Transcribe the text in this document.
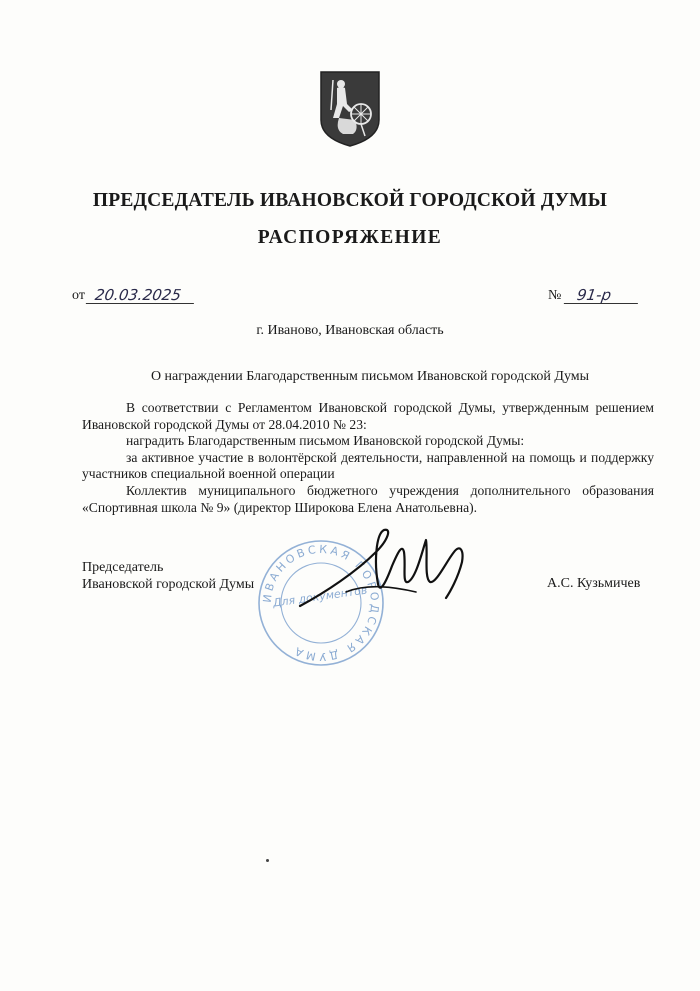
ПРЕДСЕДАТЕЛЬ ИВАНОВСКОЙ ГОРОДСКОЙ ДУМЫ
РАСПОРЯЖЕНИЕ
от 20.03.2025	№ 91-р
г. Иваново, Ивановская область
О награждении Благодарственным письмом Ивановской городской Думы

В соответствии с Регламентом Ивановской городской Думы, утвержденным решением Ивановской городской Думы от 28.04.2010 № 23:

наградить Благодарственным письмом Ивановской городской Думы:

за активное участие в волонтёрской деятельности, направленной на помощь и поддержку участников специальной военной операции

Коллектив муниципального бюджетного учреждения дополнительного образования «Спортивная школа № 9» (директор Широкова Елена Анатольевна).

ИВАНОВСКАЯ ГОРОДСКАЯ ДУМА
Для документов
Председатель
Ивановской городской Думы	А.С. Кузьмичев
